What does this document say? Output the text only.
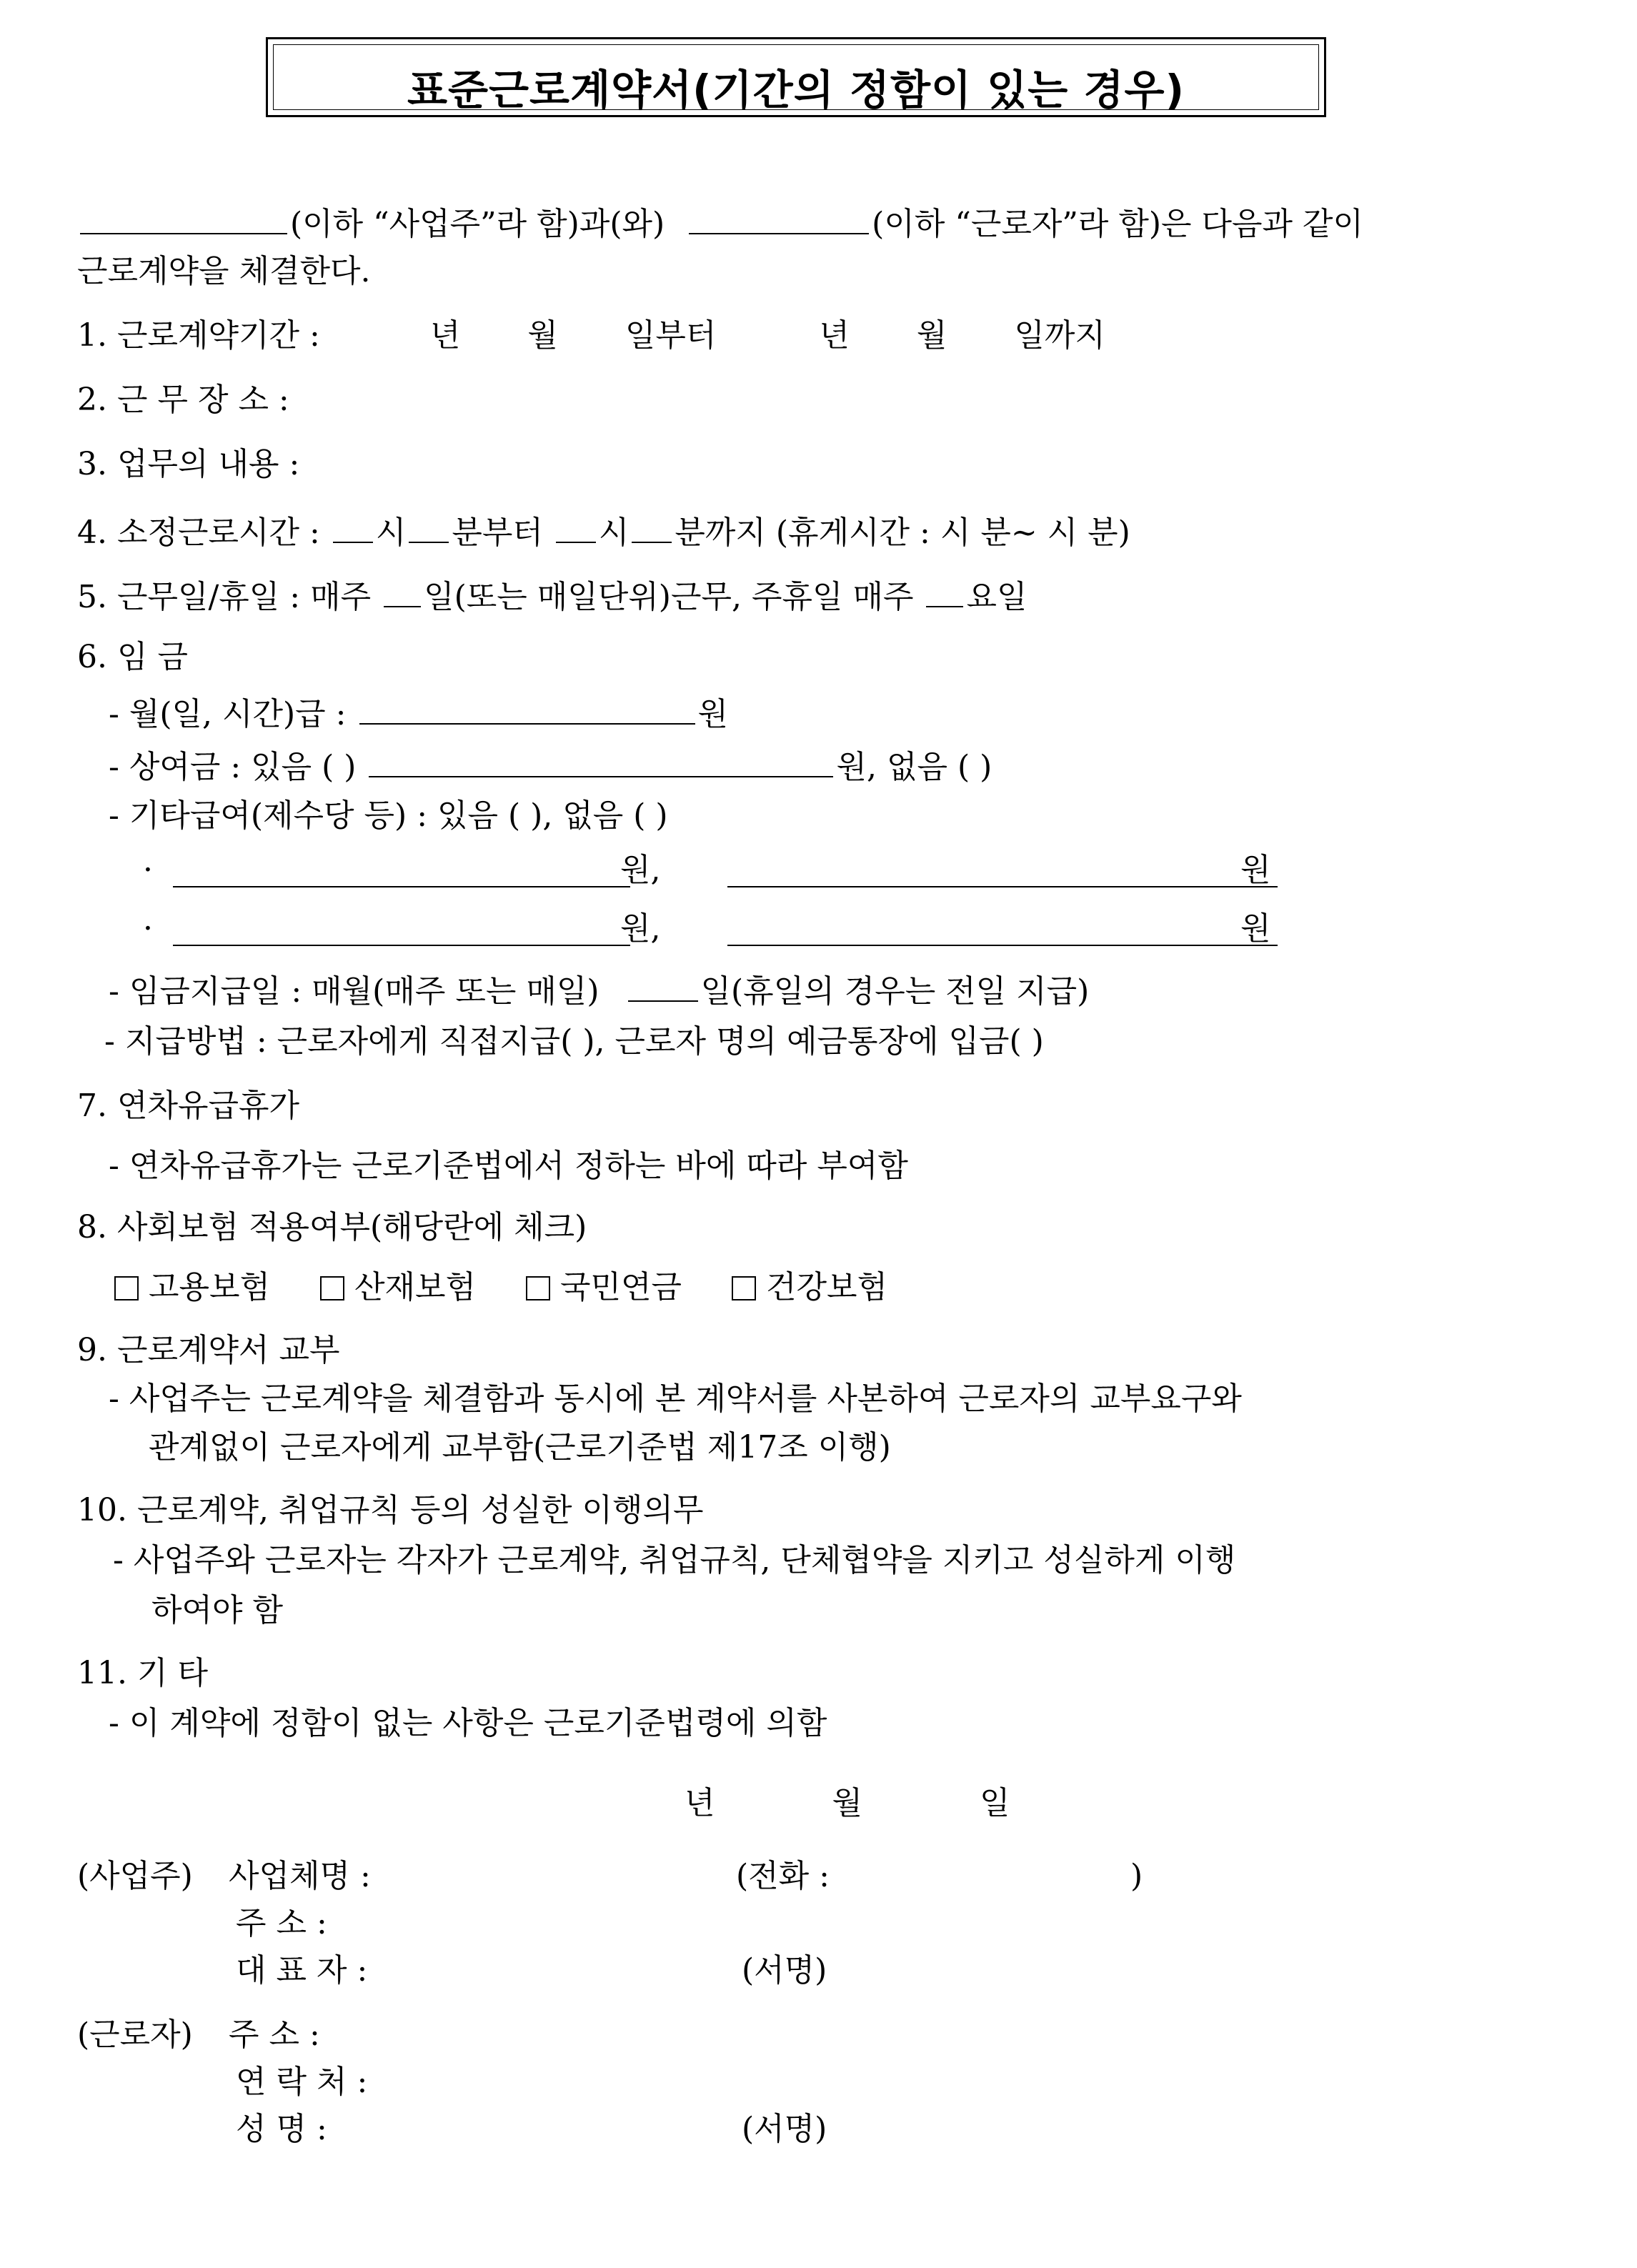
표준근로계약서(기간의 정함이 있는 경우)
(이하 “사업주”라 함)과(와)	(이하 “근로자”라 함)은 다음과 같이
근로계약을 체결한다.
1. 근로계약기간 :	년 월 일부터	년 월 일까지
2. 근 무 장 소 :
3. 업무의 내용 :
4. 소정근로시간 : 시 분부터 시 분까지 (휴게시간 : 시 분~ 시 분)
5. 근무일/휴일 : 매주 일(또는 매일단위)근무, 주휴일 매주 요일
6. 임 금
- 월(일, 시간)급 :	원
- 상여금 : 있음 ( )	원, 없음 ( )
- 기타급여(제수당 등) : 있음 ( ), 없음 ( )
·	원,	원
·	원,	원
- 임금지급일 : 매월(매주 또는 매일)	일(휴일의 경우는 전일 지급)
- 지급방법 : 근로자에게 직접지급( ), 근로자 명의 예금통장에 입금( )
7. 연차유급휴가
- 연차유급휴가는 근로기준법에서 정하는 바에 따라 부여함
8. 사회보험 적용여부(해당란에 체크)
고용보험	산재보험	국민연금	건강보험
9. 근로계약서 교부
- 사업주는 근로계약을 체결함과 동시에 본 계약서를 사본하여 근로자의 교부요구와
관계없이 근로자에게 교부함(근로기준법 제17조 이행)
10. 근로계약, 취업규칙 등의 성실한 이행의무
- 사업주와 근로자는 각자가 근로계약, 취업규칙, 단체협약을 지키고 성실하게 이행
하여야 함
11. 기 타
- 이 계약에 정함이 없는 사항은 근로기준법령에 의함
년	월	일
(사업주) 사업체명 :	(전화 :	)
주 소 :
대 표 자 :	(서명)
(근로자) 주 소 :
연 락 처 :
성 명 :	(서명)
